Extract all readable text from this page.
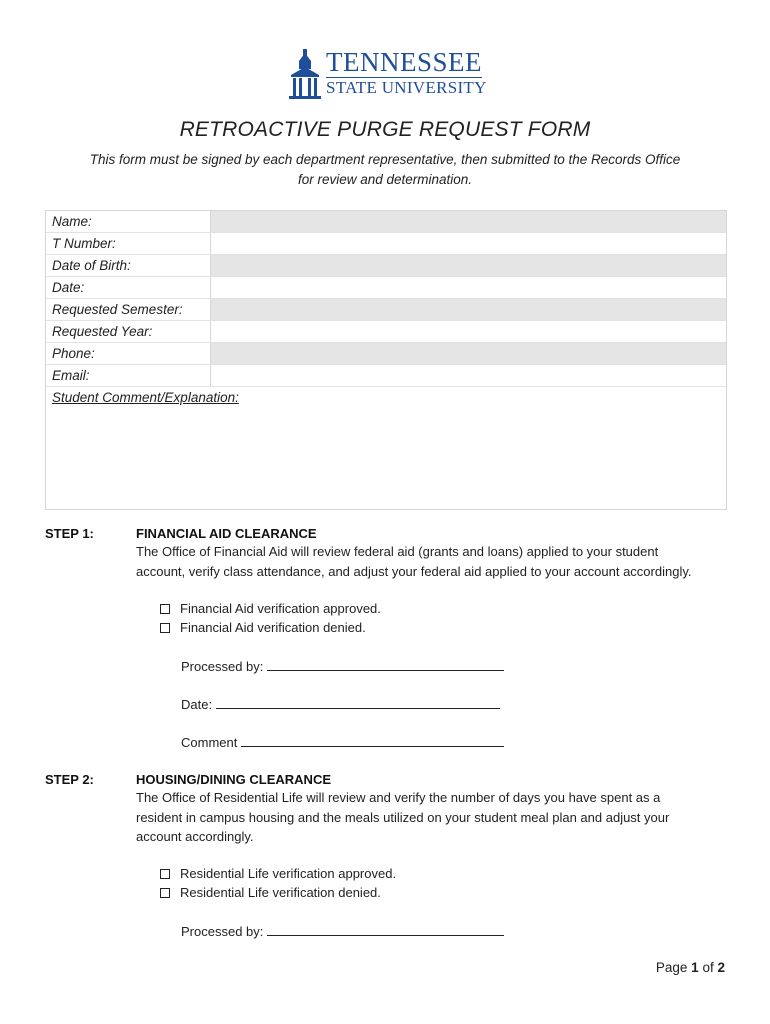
TENNESSEE
STATE UNIVERSITY
RETROACTIVE PURGE REQUEST FORM
This form must be signed by each department representative, then submitted to the Records Office
for review and determination.
Name:
T Number:
Date of Birth:
Date:
Requested Semester:
Requested Year:
Phone:
Email:
Student Comment/Explanation:
STEP 1:	FINANCIAL AID CLEARANCE
The Office of Financial Aid will review federal aid (grants and loans) applied to your student
account, verify class attendance, and adjust your federal aid applied to your account accordingly.
Financial Aid verification approved.
Financial Aid verification denied.
Processed by:
Date:
Comment
STEP 2:	HOUSING/DINING CLEARANCE
The Office of Residential Life will review and verify the number of days you have spent as a
resident in campus housing and the meals utilized on your student meal plan and adjust your
account accordingly.
Residential Life verification approved.
Residential Life verification denied.
Processed by:
Page 1 of 2
